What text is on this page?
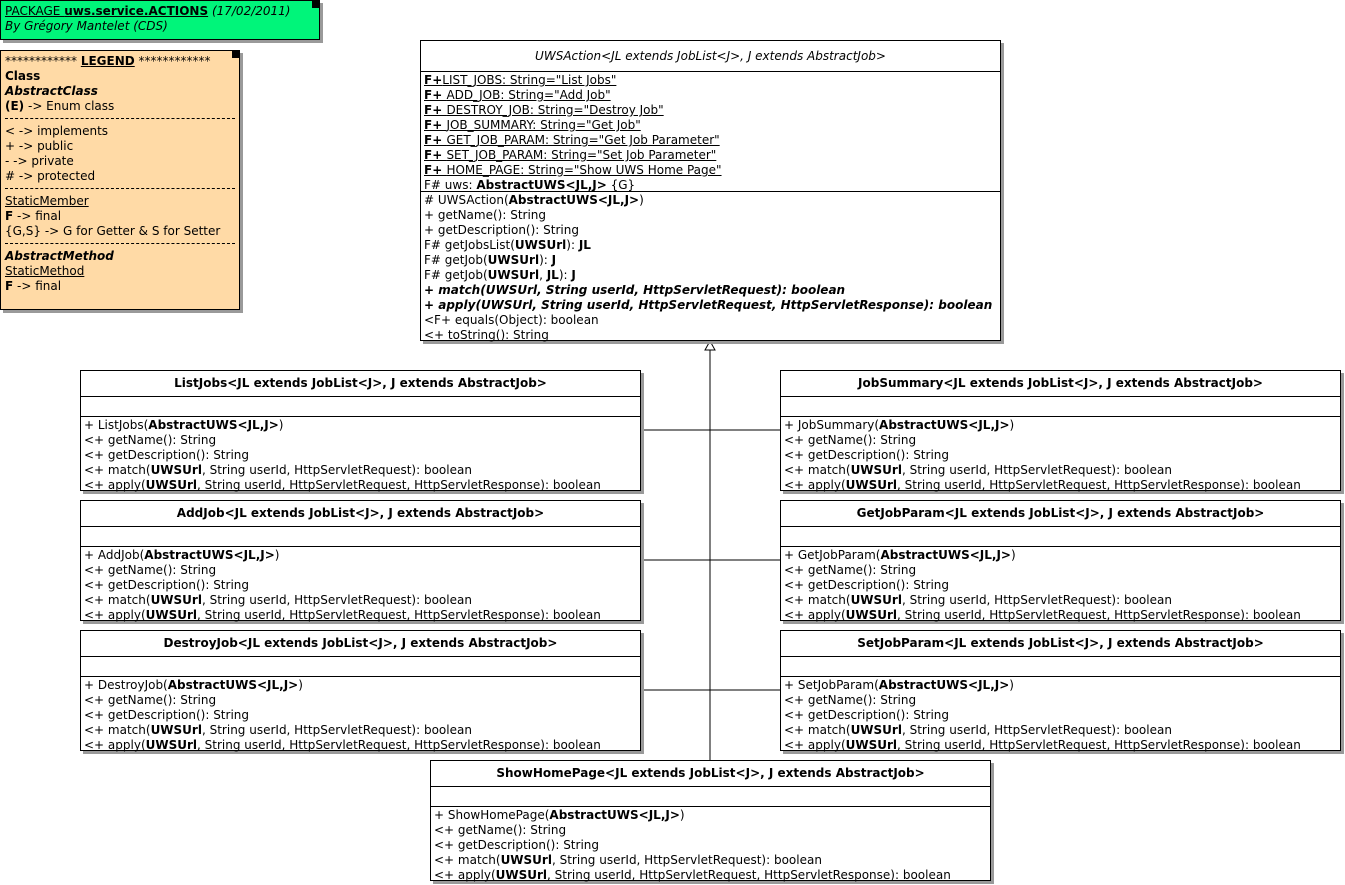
PACKAGE uws.service.ACTIONS (17/02/2011)
By Grégory Mantelet (CDS)
************ LEGEND ************
Class
AbstractClass
(E) -> Enum class
< -> implements
+ -> public
- -> private
# -> protected
StaticMember
F -> final
{G,S} -> G for Getter & S for Setter
AbstractMethod
StaticMethod
F -> final
UWSAction<JL extends JobList<J>, J extends AbstractJob>
F+LIST_JOBS: String="List Jobs"
F+ ADD_JOB: String="Add Job"
F+ DESTROY_JOB: String="Destroy Job"
F+ JOB_SUMMARY: String="Get Job"
F+ GET_JOB_PARAM: String="Get Job Parameter"
F+ SET_JOB_PARAM: String="Set Job Parameter"
F+ HOME_PAGE: String="Show UWS Home Page"
F# uws: AbstractUWS<JL,J> {G}
# UWSAction(AbstractUWS<JL,J>)
+ getName(): String
+ getDescription(): String
F# getJobsList(UWSUrl): JL
F# getJob(UWSUrl): J
F# getJob(UWSUrl, JL): J
+ match(UWSUrl, String userId, HttpServletRequest): boolean
+ apply(UWSUrl, String userId, HttpServletRequest, HttpServletResponse): boolean
<F+ equals(Object): boolean
<+ toString(): String
ListJobs<JL extends JobList<J>, J extends AbstractJob>
+ ListJobs(AbstractUWS<JL,J>)
<+ getName(): String
<+ getDescription(): String
<+ match(UWSUrl, String userId, HttpServletRequest): boolean
<+ apply(UWSUrl, String userId, HttpServletRequest, HttpServletResponse): boolean
JobSummary<JL extends JobList<J>, J extends AbstractJob>
+ JobSummary(AbstractUWS<JL,J>)
<+ getName(): String
<+ getDescription(): String
<+ match(UWSUrl, String userId, HttpServletRequest): boolean
<+ apply(UWSUrl, String userId, HttpServletRequest, HttpServletResponse): boolean
AddJob<JL extends JobList<J>, J extends AbstractJob>
+ AddJob(AbstractUWS<JL,J>)
<+ getName(): String
<+ getDescription(): String
<+ match(UWSUrl, String userId, HttpServletRequest): boolean
<+ apply(UWSUrl, String userId, HttpServletRequest, HttpServletResponse): boolean
GetJobParam<JL extends JobList<J>, J extends AbstractJob>
+ GetJobParam(AbstractUWS<JL,J>)
<+ getName(): String
<+ getDescription(): String
<+ match(UWSUrl, String userId, HttpServletRequest): boolean
<+ apply(UWSUrl, String userId, HttpServletRequest, HttpServletResponse): boolean
DestroyJob<JL extends JobList<J>, J extends AbstractJob>
+ DestroyJob(AbstractUWS<JL,J>)
<+ getName(): String
<+ getDescription(): String
<+ match(UWSUrl, String userId, HttpServletRequest): boolean
<+ apply(UWSUrl, String userId, HttpServletRequest, HttpServletResponse): boolean
SetJobParam<JL extends JobList<J>, J extends AbstractJob>
+ SetJobParam(AbstractUWS<JL,J>)
<+ getName(): String
<+ getDescription(): String
<+ match(UWSUrl, String userId, HttpServletRequest): boolean
<+ apply(UWSUrl, String userId, HttpServletRequest, HttpServletResponse): boolean
ShowHomePage<JL extends JobList<J>, J extends AbstractJob>
+ ShowHomePage(AbstractUWS<JL,J>)
<+ getName(): String
<+ getDescription(): String
<+ match(UWSUrl, String userId, HttpServletRequest): boolean
<+ apply(UWSUrl, String userId, HttpServletRequest, HttpServletResponse): boolean
